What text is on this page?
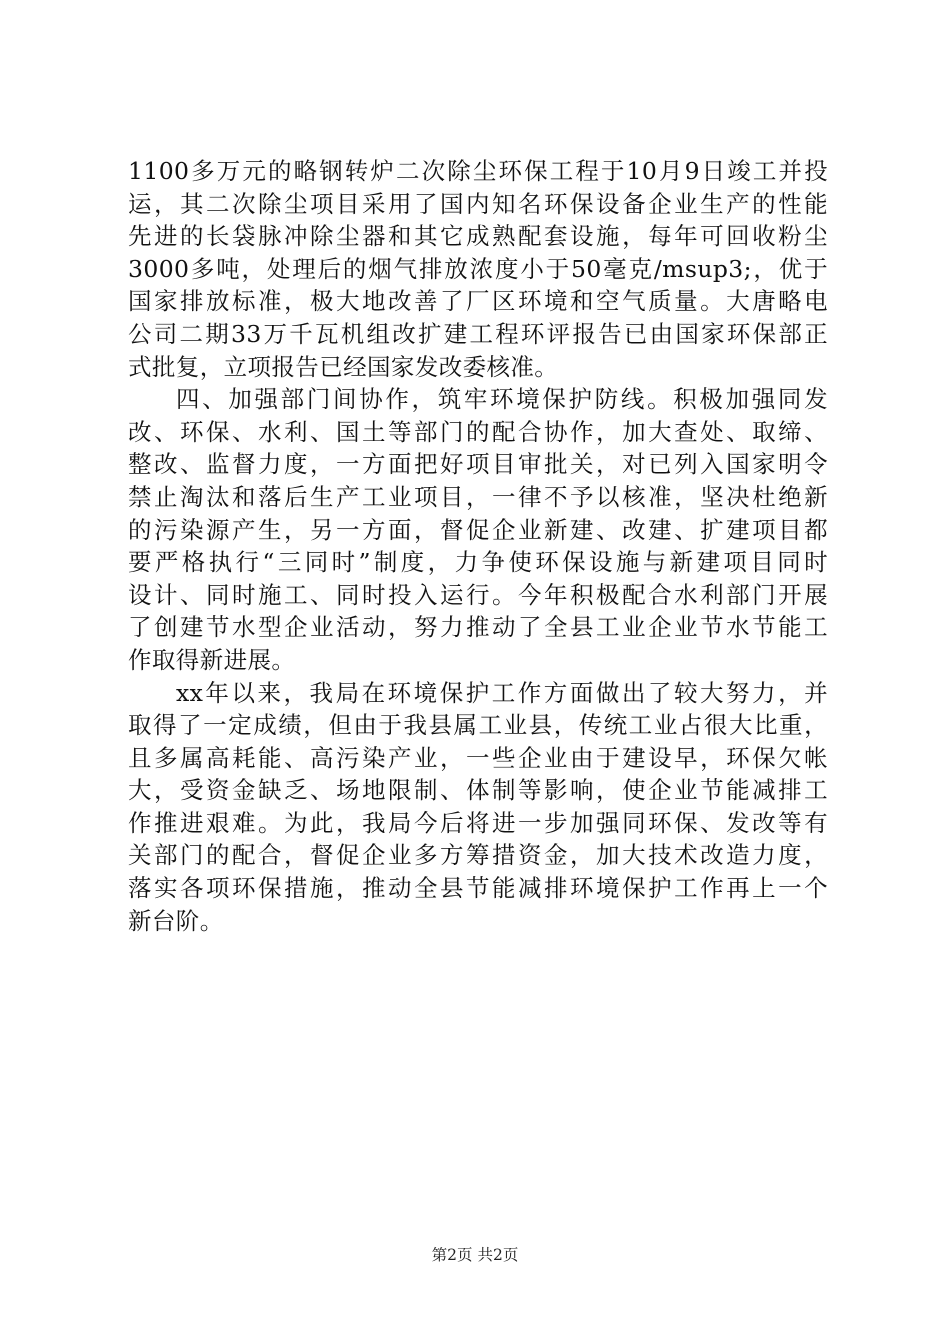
1100多万元的略钢转炉二次除尘环保工程于10月9日竣工并投
运，其二次除尘项目采用了国内知名环保设备企业生产的性能
先进的长袋脉冲除尘器和其它成熟配套设施，每年可回收粉尘
3000多吨，处理后的烟气排放浓度小于50毫克/msup3;，优于
国家排放标准，极大地改善了厂区环境和空气质量。大唐略电
公司二期33万千瓦机组改扩建工程环评报告已由国家环保部正
式批复，立项报告已经国家发改委核准。
四、加强部门间协作，筑牢环境保护防线。积极加强同发
改、环保、水利、国土等部门的配合协作，加大查处、取缔、
整改、监督力度，一方面把好项目审批关，对已列入国家明令
禁止淘汰和落后生产工业项目，一律不予以核准，坚决杜绝新
的污染源产生，另一方面，督促企业新建、改建、扩建项目都
要严格执行“三同时”制度，力争使环保设施与新建项目同时
设计、同时施工、同时投入运行。今年积极配合水利部门开展
了创建节水型企业活动，努力推动了全县工业企业节水节能工
作取得新进展。
xx年以来，我局在环境保护工作方面做出了较大努力，并
取得了一定成绩，但由于我县属工业县，传统工业占很大比重，
且多属高耗能、高污染产业，一些企业由于建设早，环保欠帐
大，受资金缺乏、场地限制、体制等影响，使企业节能减排工
作推进艰难。为此，我局今后将进一步加强同环保、发改等有
关部门的配合，督促企业多方筹措资金，加大技术改造力度，
落实各项环保措施，推动全县节能减排环境保护工作再上一个
新台阶。
第2页 共2页
